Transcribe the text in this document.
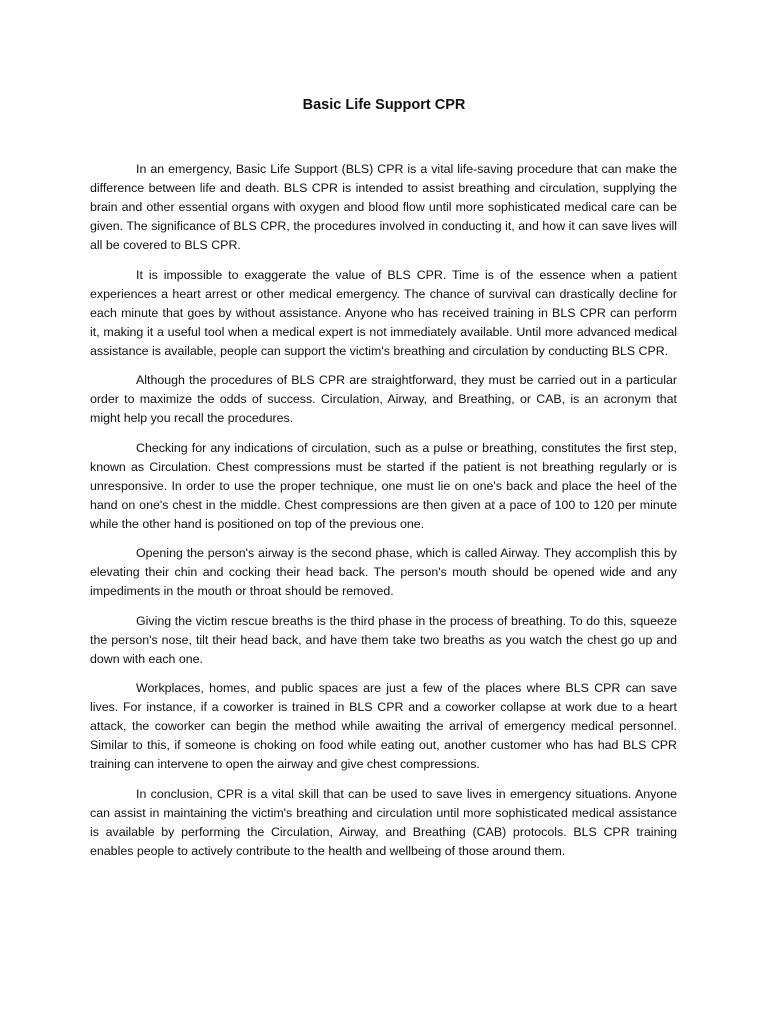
Basic Life Support CPR

In an emergency, Basic Life Support (BLS) CPR is a vital life-saving procedure that can make the difference between life and death. BLS CPR is intended to assist breathing and circulation, supplying the brain and other essential organs with oxygen and blood flow until more sophisticated medical care can be given. The significance of BLS CPR, the procedures involved in conducting it, and how it can save lives will all be covered to BLS CPR.

It is impossible to exaggerate the value of BLS CPR. Time is of the essence when a patient experiences a heart arrest or other medical emergency. The chance of survival can drastically decline for each minute that goes by without assistance. Anyone who has received training in BLS CPR can perform it, making it a useful tool when a medical expert is not immediately available. Until more advanced medical assistance is available, people can support the victim's breathing and circulation by conducting BLS CPR.

Although the procedures of BLS CPR are straightforward, they must be carried out in a particular order to maximize the odds of success. Circulation, Airway, and Breathing, or CAB, is an acronym that might help you recall the procedures.

Checking for any indications of circulation, such as a pulse or breathing, constitutes the first step, known as Circulation. Chest compressions must be started if the patient is not breathing regularly or is unresponsive. In order to use the proper technique, one must lie on one's back and place the heel of the hand on one's chest in the middle. Chest compressions are then given at a pace of 100 to 120 per minute while the other hand is positioned on top of the previous one.

Opening the person's airway is the second phase, which is called Airway. They accomplish this by elevating their chin and cocking their head back. The person's mouth should be opened wide and any impediments in the mouth or throat should be removed.

Giving the victim rescue breaths is the third phase in the process of breathing. To do this, squeeze the person's nose, tilt their head back, and have them take two breaths as you watch the chest go up and down with each one.

Workplaces, homes, and public spaces are just a few of the places where BLS CPR can save lives. For instance, if a coworker is trained in BLS CPR and a coworker collapse at work due to a heart attack, the coworker can begin the method while awaiting the arrival of emergency medical personnel. Similar to this, if someone is choking on food while eating out, another customer who has had BLS CPR training can intervene to open the airway and give chest compressions.

In conclusion, CPR is a vital skill that can be used to save lives in emergency situations. Anyone can assist in maintaining the victim's breathing and circulation until more sophisticated medical assistance is available by performing the Circulation, Airway, and Breathing (CAB) protocols. BLS CPR training enables people to actively contribute to the health and wellbeing of those around them.
